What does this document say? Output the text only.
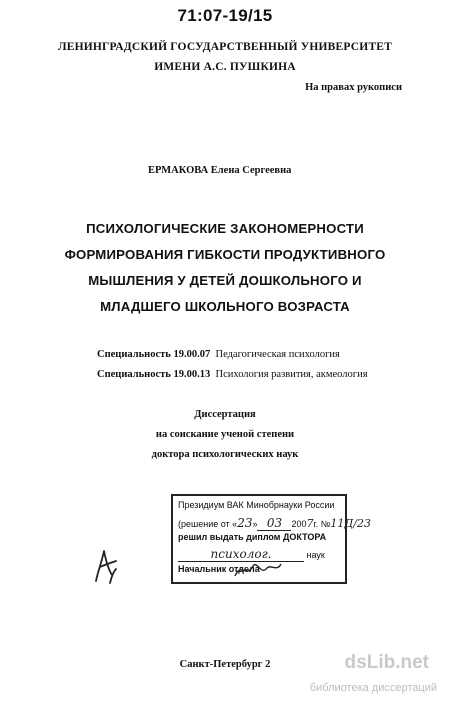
71:07-19/15
ЛЕНИНГРАДСКИЙ ГОСУДАРСТВЕННЫЙ УНИВЕРСИТЕТ
ИМЕНИ А.С. ПУШКИНА
На правах рукописи
ЕРМАКОВА Елена Сергеевна
ПСИХОЛОГИЧЕСКИЕ ЗАКОНОМЕРНОСТИ
ФОРМИРОВАНИЯ ГИБКОСТИ ПРОДУКТИВНОГО
МЫШЛЕНИЯ У ДЕТЕЙ ДОШКОЛЬНОГО И
МЛАДШЕГО ШКОЛЬНОГО ВОЗРАСТА
Специальность 19.00.07 Педагогическая психология
Специальность 19.00.13 Психология развития, акмеология
Диссертация
на соискание ученой степени
доктора психологических наук
Президиум ВАК Минобрнауки России
(решение от «23» 03 2007г. №11Д/23
решил выдать диплом ДОКТОРА
психолог.	наук
Начальник отдела
Санкт-Петербург 2	dsLib.net
библиотека диссертаций
